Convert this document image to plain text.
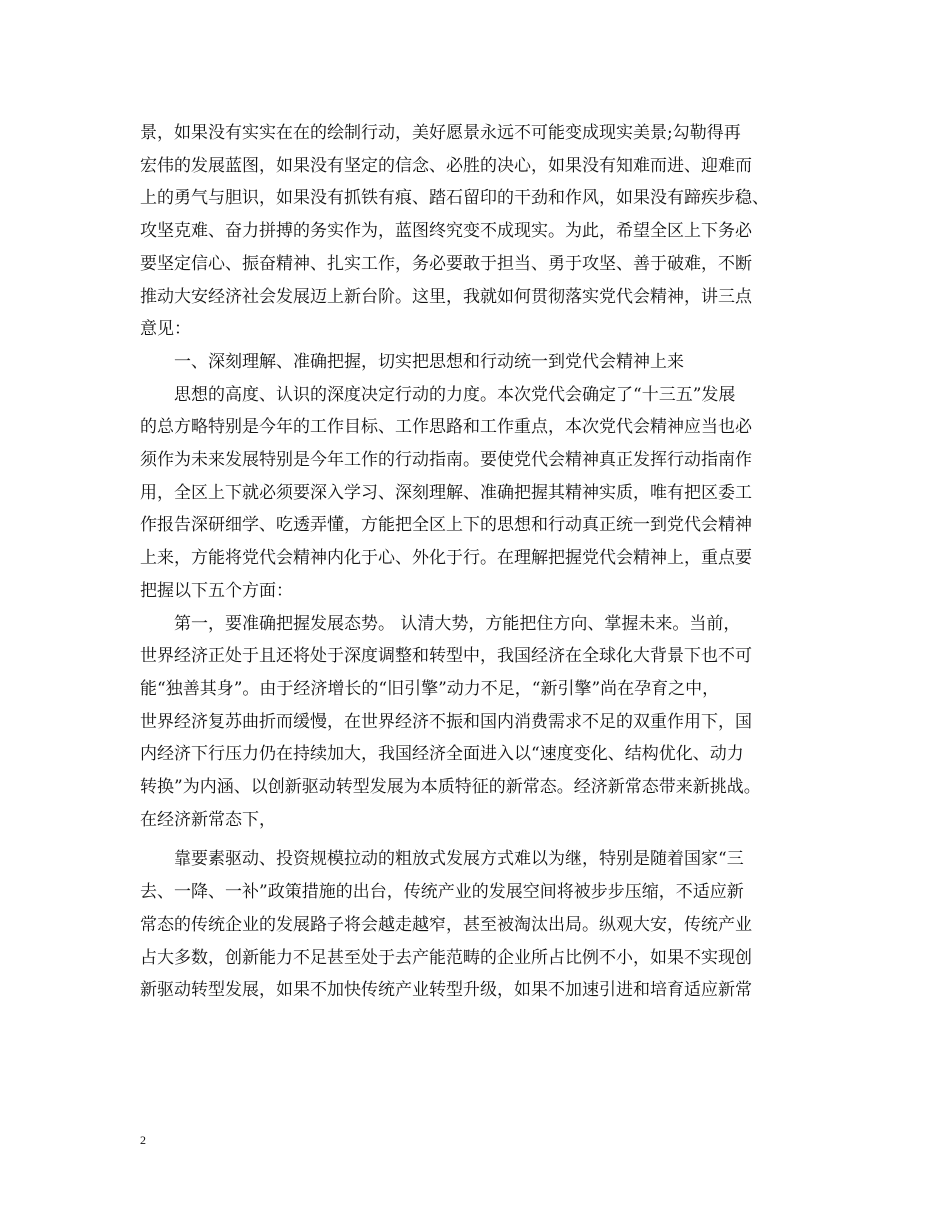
景，如果没有实实在在的绘制行动，美好愿景永远不可能变成现实美景;勾勒得再
宏伟的发展蓝图，如果没有坚定的信念、必胜的决心，如果没有知难而进、迎难而
上的勇气与胆识，如果没有抓铁有痕、踏石留印的干劲和作风，如果没有蹄疾步稳、
攻坚克难、奋力拼搏的务实作为，蓝图终究变不成现实。为此，希望全区上下务必
要坚定信心、振奋精神、扎实工作，务必要敢于担当、勇于攻坚、善于破难，不断
推动大安经济社会发展迈上新台阶。这里，我就如何贯彻落实党代会精神，讲三点
意见：
一、深刻理解、准确把握，切实把思想和行动统一到党代会精神上来
思想的高度、认识的深度决定行动的力度。本次党代会确定了“十三五”发展
的总方略特别是今年的工作目标、工作思路和工作重点，本次党代会精神应当也必
须作为未来发展特别是今年工作的行动指南。要使党代会精神真正发挥行动指南作
用，全区上下就必须要深入学习、深刻理解、准确把握其精神实质，唯有把区委工
作报告深研细学、吃透弄懂，方能把全区上下的思想和行动真正统一到党代会精神
上来，方能将党代会精神内化于心、外化于行。在理解把握党代会精神上，重点要
把握以下五个方面：
第一，要准确把握发展态势。 认清大势，方能把住方向、掌握未来。当前，
世界经济正处于且还将处于深度调整和转型中，我国经济在全球化大背景下也不可
能“独善其身”。由于经济增长的“旧引擎”动力不足，“新引擎”尚在孕育之中，
世界经济复苏曲折而缓慢，在世界经济不振和国内消费需求不足的双重作用下，国
内经济下行压力仍在持续加大，我国经济全面进入以“速度变化、结构优化、动力
转换”为内涵、以创新驱动转型发展为本质特征的新常态。经济新常态带来新挑战。
在经济新常态下，
靠要素驱动、投资规模拉动的粗放式发展方式难以为继，特别是随着国家“三
去、一降、一补”政策措施的出台，传统产业的发展空间将被步步压缩，不适应新
常态的传统企业的发展路子将会越走越窄，甚至被淘汰出局。纵观大安，传统产业
占大多数，创新能力不足甚至处于去产能范畴的企业所占比例不小，如果不实现创
新驱动转型发展，如果不加快传统产业转型升级，如果不加速引进和培育适应新常
2
